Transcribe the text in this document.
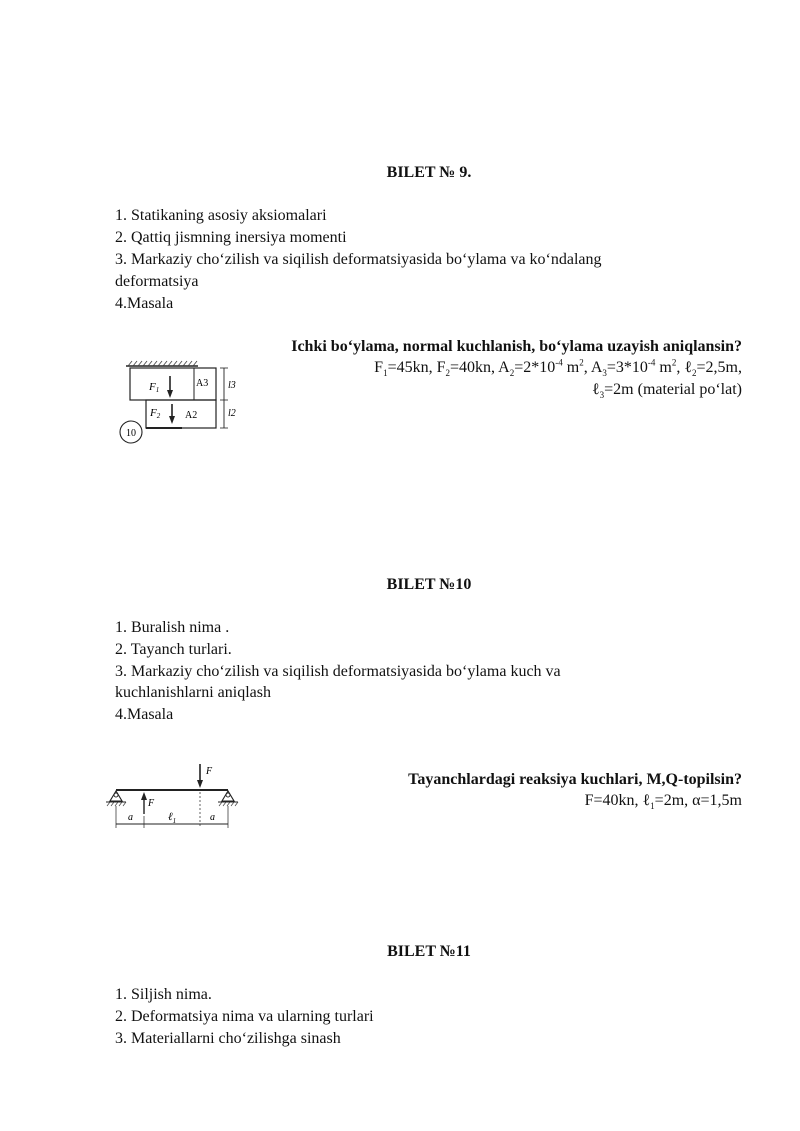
BILET № 9.
1. Statikaning asosiy aksiomalari
2. Qattiq jismning inersiya momenti
3. Markaziy cho‘zilish va siqilish deformatsiyasida bo‘ylama va ko‘ndalang
deformatsiya
4.Masala
Ichki bo‘ylama, normal kuchlanish, bo‘ylama uzayish aniqlansin?
$F_1=45kn$, $F_2=40kn$, $A_2=2*10^{-4}$ $m^2$, $A_3=3*10^{-4}$ $m^2$, ℓ$_2$=2,5m,
ℓ$_3$=2m (material po‘lat)
F1
F2
A3
A2
l3
l2
10
BILET №10
1. Buralish nima .
2. Tayanch turlari.
3. Markaziy cho‘zilish va siqilish deformatsiyasida bo‘ylama kuch va
kuchlanishlarni aniqlash
4.Masala
Tayanchlardagi reaksiya kuchlari, M,Q-topilsin?
F=40kn, ℓ$_1$=2m, α=1,5m
F
F
a	ℓ$_1$	a
BILET №11
1. Siljish nima.
2. Deformatsiya nima va ularning turlari
3. Materiallarni cho‘zilishga sinash
